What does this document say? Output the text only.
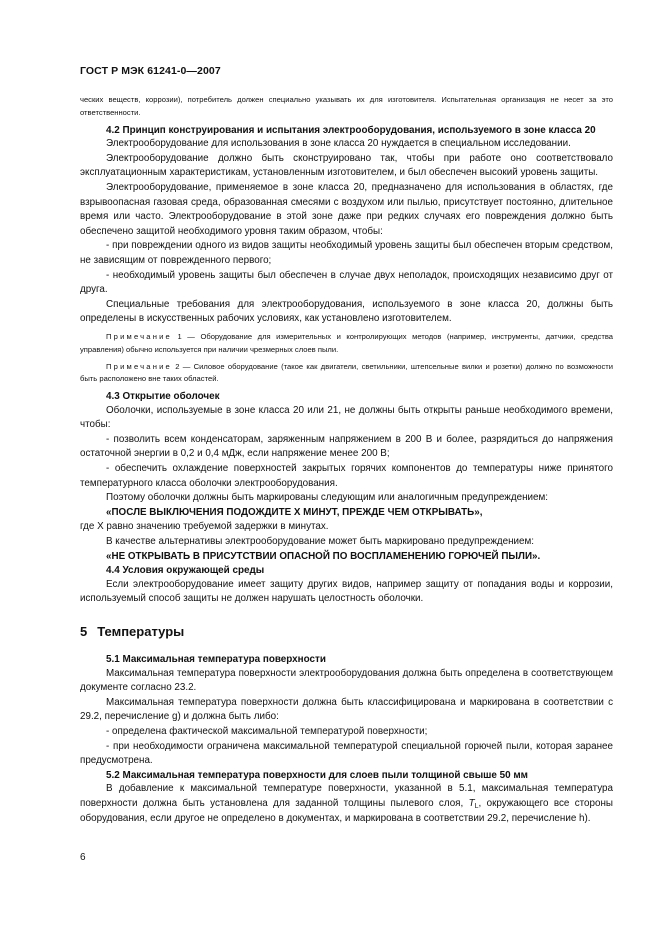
ГОСТ Р МЭК 61241-0—2007

ческих веществ, коррозии), потребитель должен специально указывать их для изготовителя. Испытательная организация не несет за это ответственности.

4.2 Принцип конструирования и испытания электрооборудования, используемого в зоне класса 20

Электрооборудование для использования в зоне класса 20 нуждается в специальном исследовании.

Электрооборудование должно быть сконструировано так, чтобы при работе оно соответствовало эксплуатационным характеристикам, установленным изготовителем, и был обеспечен высокий уровень защиты.

Электрооборудование, применяемое в зоне класса 20, предназначено для использования в областях, где взрывоопасная газовая среда, образованная смесями с воздухом или пылью, присутствует постоянно, длительное время или часто. Электрооборудование в этой зоне даже при редких случаях его повреждения должно быть обеспечено защитой необходимого уровня таким образом, чтобы:

- при повреждении одного из видов защиты необходимый уровень защиты был обеспечен вторым средством, не зависящим от поврежденного первого;

- необходимый уровень защиты был обеспечен в случае двух неполадок, происходящих независимо друг от друга.

Специальные требования для электрооборудования, используемого в зоне класса 20, должны быть определены в искусственных рабочих условиях, как установлено изготовителем.

Примечание 1 — Оборудование для измерительных и контролирующих методов (например, инструменты, датчики, средства управления) обычно используется при наличии чрезмерных слоев пыли.

Примечание 2 — Силовое оборудование (такое как двигатели, светильники, штепсельные вилки и розетки) должно по возможности быть расположено вне таких областей.

4.3 Открытие оболочек

Оболочки, используемые в зоне класса 20 или 21, не должны быть открыты раньше необходимого времени, чтобы:

- позволить всем конденсаторам, заряженным напряжением в 200 В и более, разрядиться до напряжения остаточной энергии в 0,2 и 0,4 мДж, если напряжение менее 200 В;

- обеспечить охлаждение поверхностей закрытых горячих компонентов до температуры ниже принятого температурного класса оболочки электрооборудования.

Поэтому оболочки должны быть маркированы следующим или аналогичным предупреждением:

«ПОСЛЕ ВЫКЛЮЧЕНИЯ ПОДОЖДИТЕ X МИНУТ, ПРЕЖДЕ ЧЕМ ОТКРЫВАТЬ»,

где X равно значению требуемой задержки в минутах.

В качестве альтернативы электрооборудование может быть маркировано предупреждением:

«НЕ ОТКРЫВАТЬ В ПРИСУТСТВИИ ОПАСНОЙ ПО ВОСПЛАМЕНЕНИЮ ГОРЮЧЕЙ ПЫЛИ».

4.4 Условия окружающей среды

Если электрооборудование имеет защиту других видов, например защиту от попадания воды и коррозии, используемый способ защиты не должен нарушать целостность оболочки.

5 Температуры

5.1 Максимальная температура поверхности

Максимальная температура поверхности электрооборудования должна быть определена в соответствующем документе согласно 23.2.

Максимальная температура поверхности должна быть классифицирована и маркирована в соответствии с 29.2, перечисление g) и должна быть либо:

- определена фактической максимальной температурой поверхности;

- при необходимости ограничена максимальной температурой специальной горючей пыли, которая заранее предусмотрена.

5.2 Максимальная температура поверхности для слоев пыли толщиной свыше 50 мм

В добавление к максимальной температуре поверхности, указанной в 5.1, максимальная температура поверхности должна быть установлена для заданной толщины пылевого слоя, $T_L$, окружающего все стороны оборудования, если другое не определено в документах, и маркирована в соответствии 29.2, перечисление h).

6
